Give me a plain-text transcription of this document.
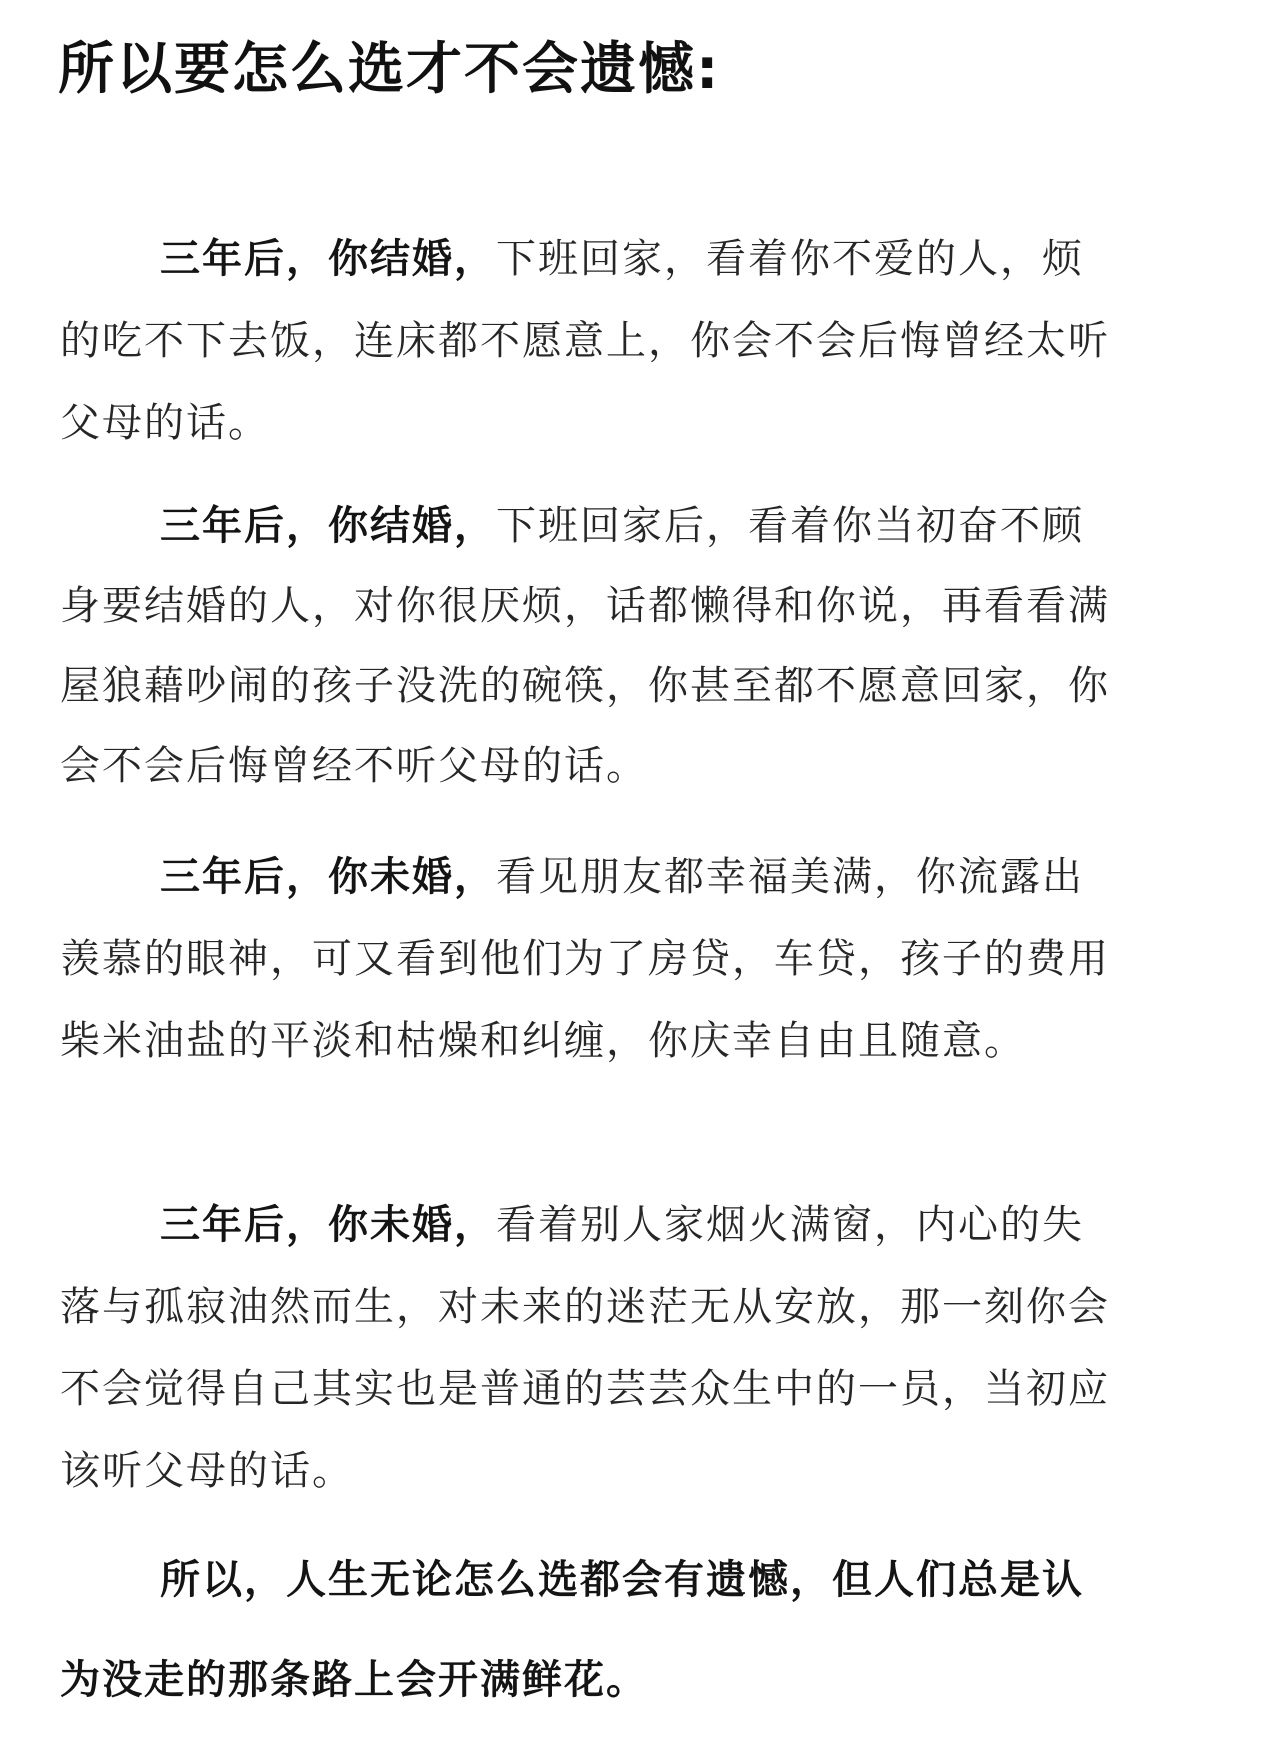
所以要怎么选才不会遗憾:

三年后，你结婚，下班回家，看着你不爱的人，烦的吃不下去饭，连床都不愿意上，你会不会后悔曾经太听父母的话。

三年后，你结婚，下班回家后，看着你当初奋不顾身要结婚的人，对你很厌烦，话都懒得和你说，再看看满屋狼藉吵闹的孩子没洗的碗筷，你甚至都不愿意回家，你会不会后悔曾经不听父母的话。

三年后，你未婚，看见朋友都幸福美满，你流露出羡慕的眼神，可又看到他们为了房贷，车贷，孩子的费用柴米油盐的平淡和枯燥和纠缠，你庆幸自由且随意。

三年后，你未婚，看着别人家烟火满窗，内心的失落与孤寂油然而生，对未来的迷茫无从安放，那一刻你会不会觉得自己其实也是普通的芸芸众生中的一员，当初应该听父母的话。

所以，人生无论怎么选都会有遗憾，但人们总是认为没走的那条路上会开满鲜花。
